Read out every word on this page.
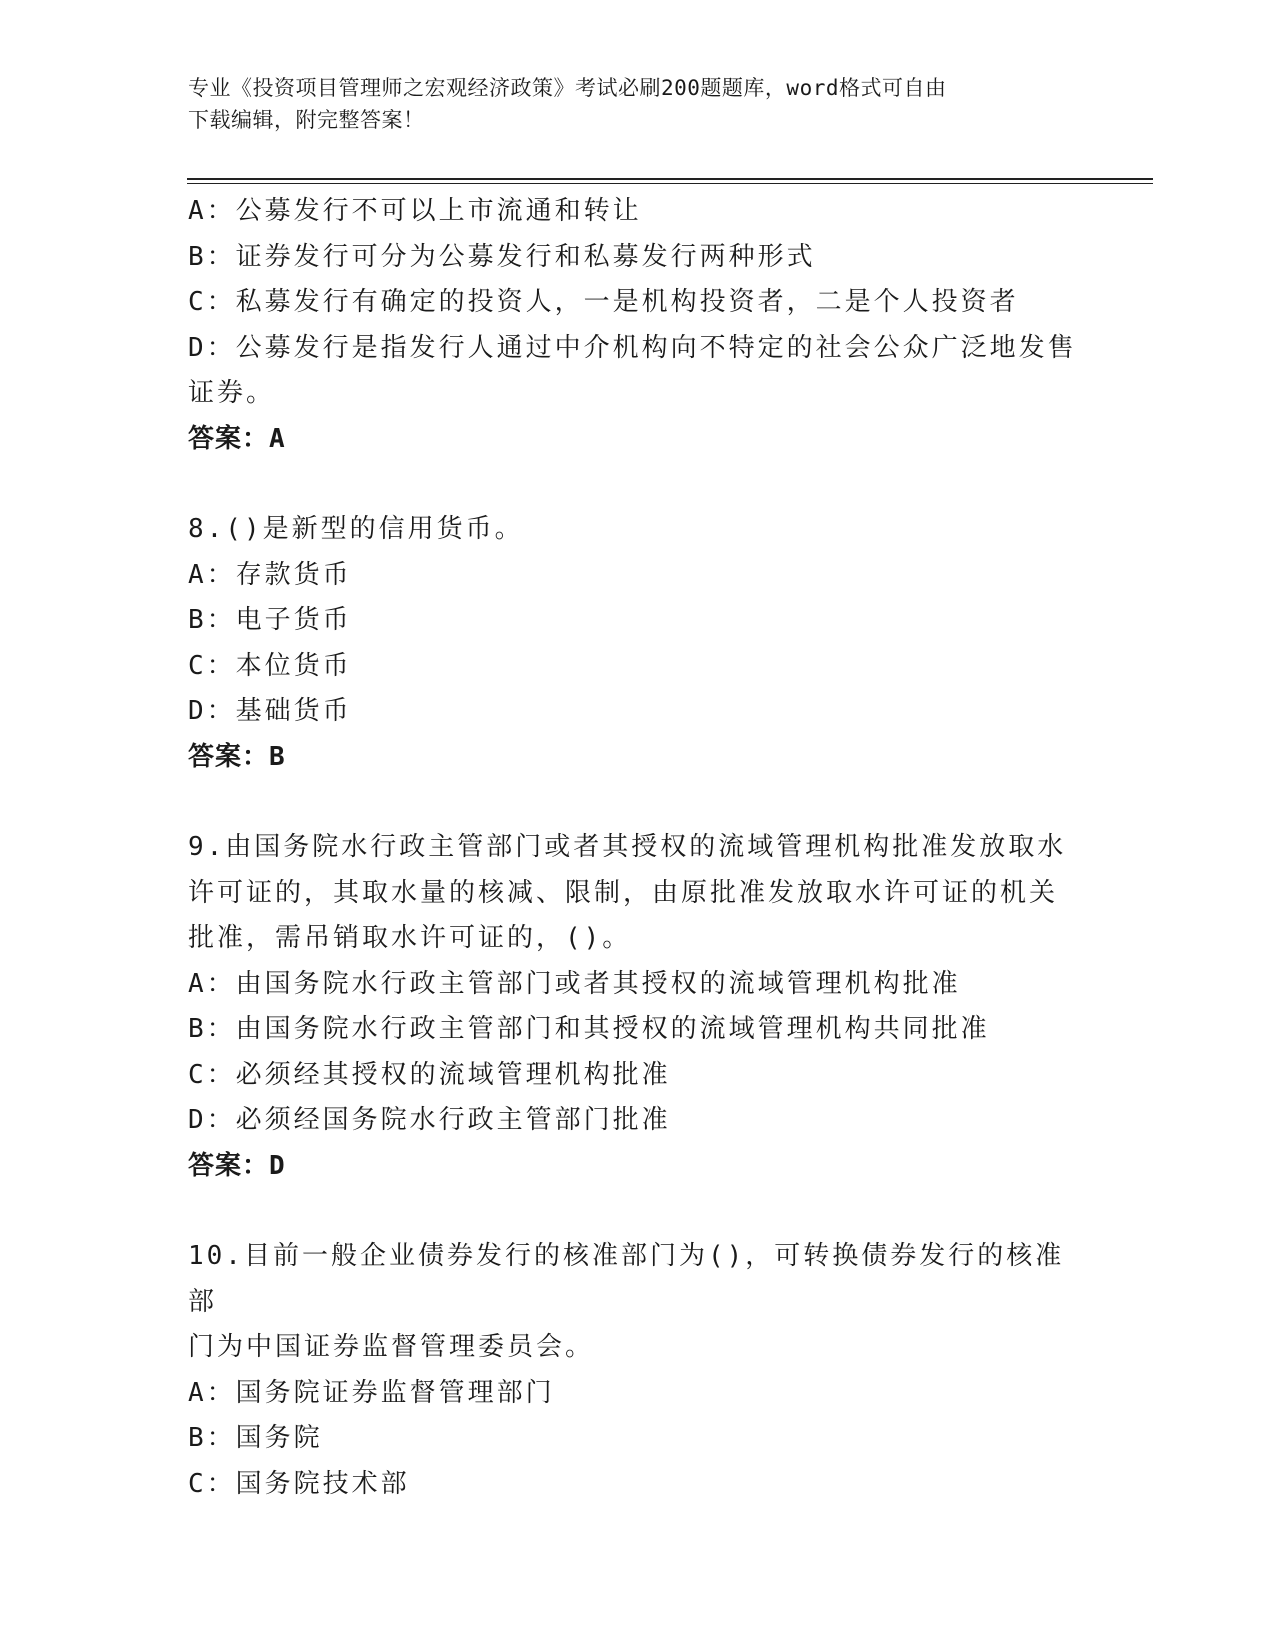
专业《投资项目管理师之宏观经济政策》考试必刷200题题库，word格式可自由
下载编辑，附完整答案！
A：公募发行不可以上市流通和转让
B：证券发行可分为公募发行和私募发行两种形式
C：私募发行有确定的投资人，一是机构投资者，二是个人投资者
D：公募发行是指发行人通过中介机构向不特定的社会公众广泛地发售
证券。
答案：A
8.()是新型的信用货币。
A：存款货币
B：电子货币
C：本位货币
D：基础货币
答案：B
9.由国务院水行政主管部门或者其授权的流域管理机构批准发放取水
许可证的，其取水量的核减、限制，由原批准发放取水许可证的机关
批准，需吊销取水许可证的，()。
A：由国务院水行政主管部门或者其授权的流域管理机构批准
B：由国务院水行政主管部门和其授权的流域管理机构共同批准
C：必须经其授权的流域管理机构批准
D：必须经国务院水行政主管部门批准
答案：D
10.目前一般企业债券发行的核准部门为()，可转换债券发行的核准部
门为中国证券监督管理委员会。
A：国务院证券监督管理部门
B：国务院
C：国务院技术部
